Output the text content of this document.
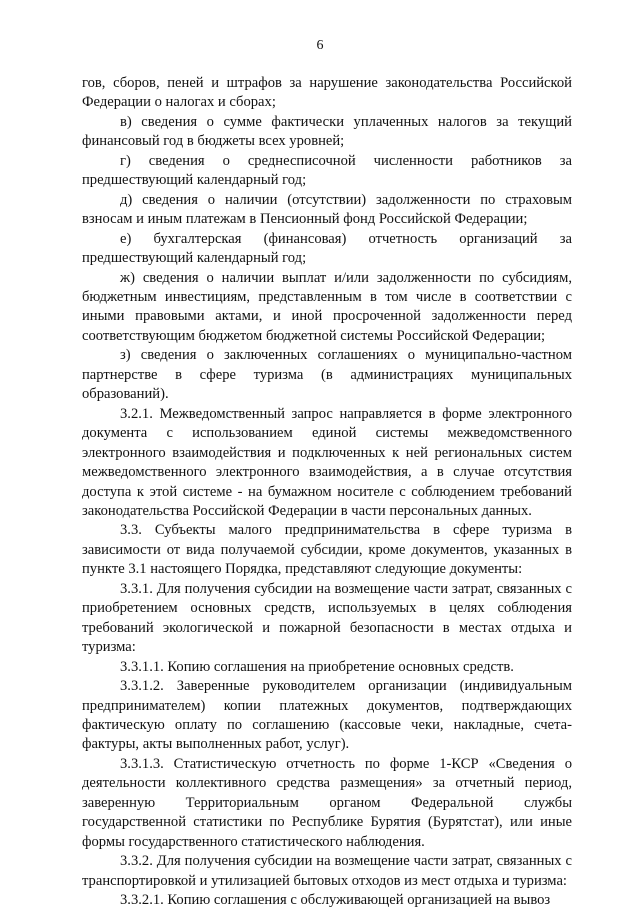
6

гов, сборов, пеней и штрафов за нарушение законодательства Российской Федерации о налогах и сборах;

в) сведения о сумме фактически уплаченных налогов за текущий финансовый год в бюджеты всех уровней;

г) сведения о среднесписочной численности работников за предшествующий календарный год;

д) сведения о наличии (отсутствии) задолженности по страховым взносам и иным платежам в Пенсионный фонд Российской Федерации;

е) бухгалтерская (финансовая) отчетность организаций за предшествующий календарный год;

ж) сведения о наличии выплат и/или задолженности по субсидиям, бюджетным инвестициям, представленным в том числе в соответствии с иными правовыми актами, и иной просроченной задолженности перед соответствующим бюджетом бюджетной системы Российской Федерации;

з) сведения о заключенных соглашениях о муниципально-частном партнерстве в сфере туризма (в администрациях муниципальных образований).

3.2.1. Межведомственный запрос направляется в форме электронного документа с использованием единой системы межведомственного электронного взаимодействия и подключенных к ней региональных систем межведомственного электронного взаимодействия, а в случае отсутствия доступа к этой системе - на бумажном носителе с соблюдением требований законодательства Российской Федерации в части персональных данных.

3.3. Субъекты малого предпринимательства в сфере туризма в зависимости от вида получаемой субсидии, кроме документов, указанных в пункте 3.1 настоящего Порядка, представляют следующие документы:

3.3.1. Для получения субсидии на возмещение части затрат, связанных с приобретением основных средств, используемых в целях соблюдения требований экологической и пожарной безопасности в местах отдыха и туризма:

3.3.1.1. Копию соглашения на приобретение основных средств.

3.3.1.2. Заверенные руководителем организации (индивидуальным предпринимателем) копии платежных документов, подтверждающих фактическую оплату по соглашению (кассовые чеки, накладные, счета-фактуры, акты выполненных работ, услуг).

3.3.1.3. Статистическую отчетность по форме 1-КСР «Сведения о деятельности коллективного средства размещения» за отчетный период, заверенную Территориальным органом Федеральной службы государственной статистики по Республике Бурятия (Бурятстат), или иные формы государственного статистического наблюдения.

3.3.2. Для получения субсидии на возмещение части затрат, связанных с транспортировкой и утилизацией бытовых отходов из мест отдыха и туризма:

3.3.2.1. Копию соглашения с обслуживающей организацией на вывоз
